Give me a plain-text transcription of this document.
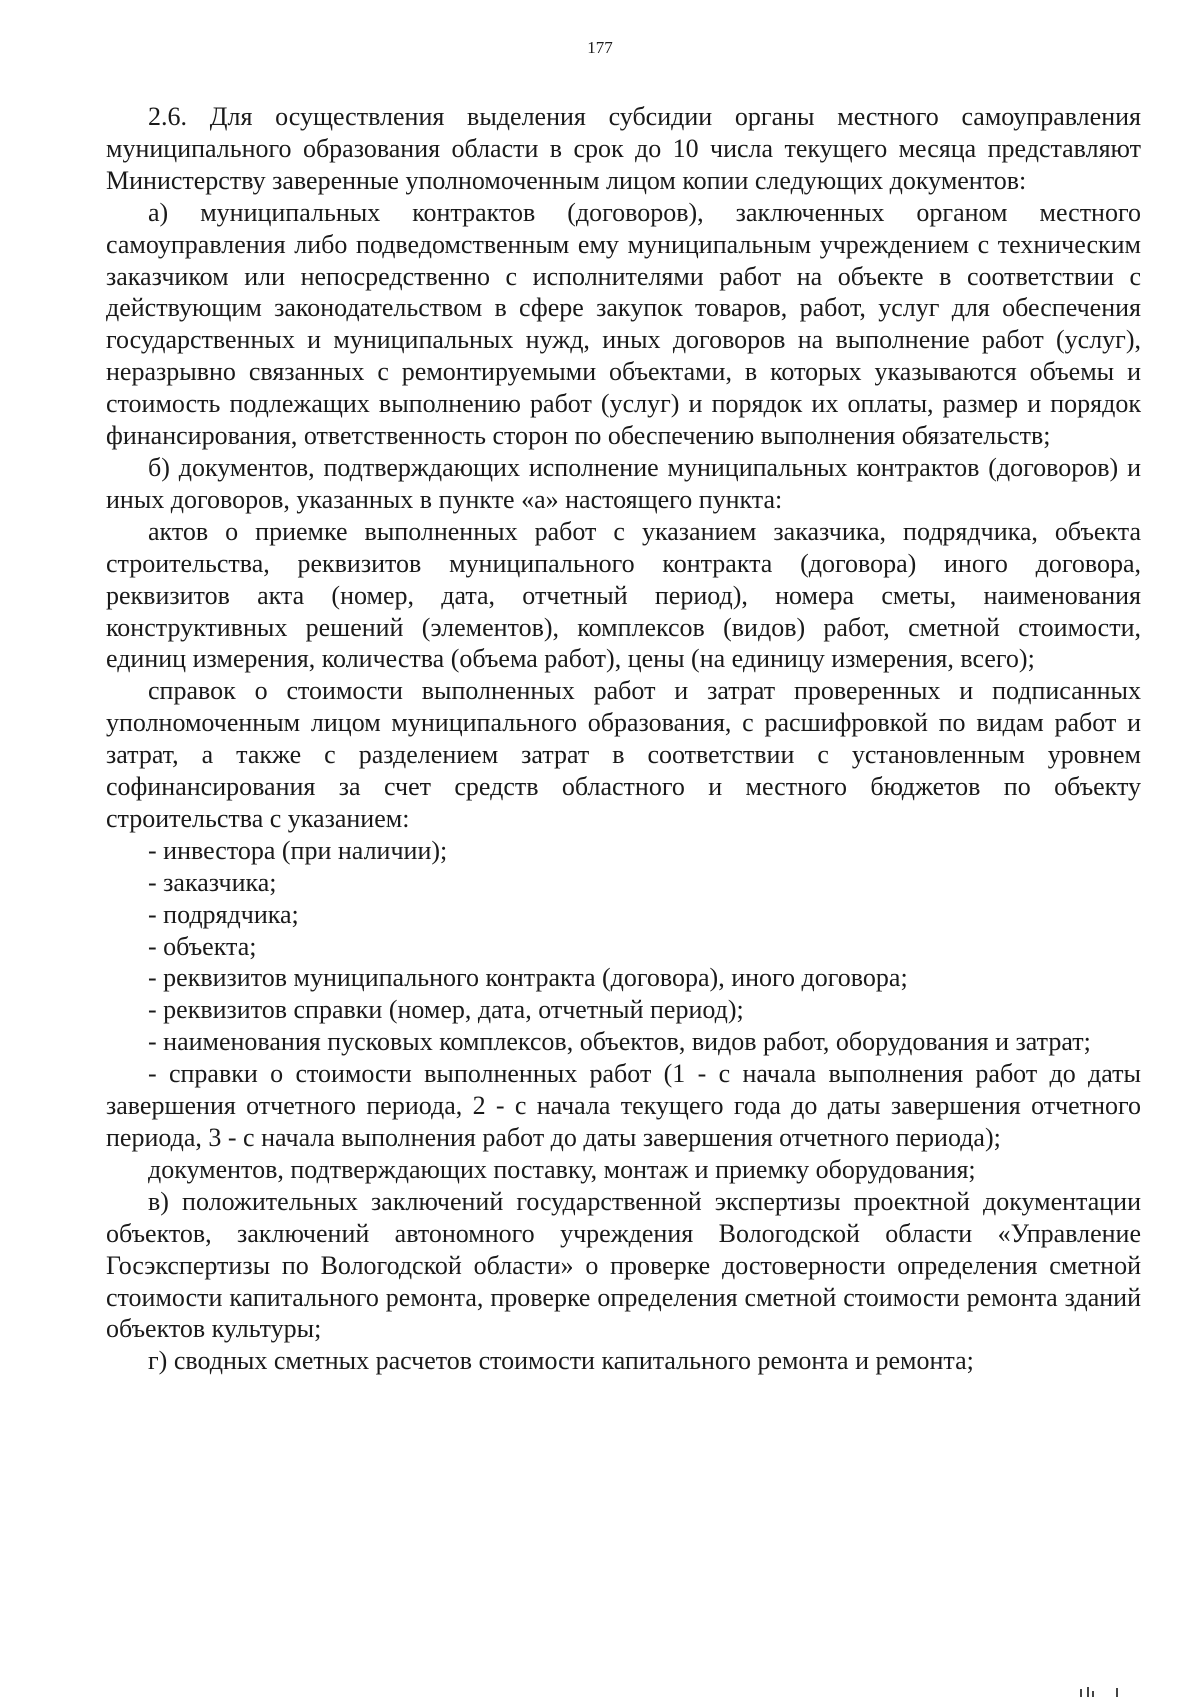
177

2.6. Для осуществления выделения субсидии органы местного самоуправления муниципального образования области в срок до 10 числа текущего месяца представляют Министерству заверенные уполномоченным лицом копии следующих документов:

а) муниципальных контрактов (договоров), заключенных органом местного самоуправления либо подведомственным ему муниципальным учреждением с техническим заказчиком или непосредственно с исполнителями работ на объекте в соответствии с действующим законодательством в сфере закупок товаров, работ, услуг для обеспечения государственных и муниципальных нужд, иных договоров на выполнение работ (услуг), неразрывно связанных с ремонтируемыми объектами, в которых указываются объемы и стоимость подлежащих выполнению работ (услуг) и порядок их оплаты, размер и порядок финансирования, ответственность сторон по обеспечению выполнения обязательств;

б) документов, подтверждающих исполнение муниципальных контрактов (договоров) и иных договоров, указанных в пункте «а» настоящего пункта:

актов о приемке выполненных работ с указанием заказчика, подрядчика, объекта строительства, реквизитов муниципального контракта (договора) иного договора, реквизитов акта (номер, дата, отчетный период), номера сметы, наименования конструктивных решений (элементов), комплексов (видов) работ, сметной стоимости, единиц измерения, количества (объема работ), цены (на единицу измерения, всего);

справок о стоимости выполненных работ и затрат проверенных и подписанных уполномоченным лицом муниципального образования, с расшифровкой по видам работ и затрат, а также с разделением затрат в соответствии с установленным уровнем софинансирования за счет средств областного и местного бюджетов по объекту строительства с указанием:

- инвестора (при наличии);

- заказчика;

- подрядчика;

- объекта;

- реквизитов муниципального контракта (договора), иного договора;

- реквизитов справки (номер, дата, отчетный период);

- наименования пусковых комплексов, объектов, видов работ, оборудования и затрат;

- справки о стоимости выполненных работ (1 - с начала выполнения работ до даты завершения отчетного периода, 2 - с начала текущего года до даты завершения отчетного периода, 3 - с начала выполнения работ до даты завершения отчетного периода);

документов, подтверждающих поставку, монтаж и приемку оборудования;

в) положительных заключений государственной экспертизы проектной документации объектов, заключений автономного учреждения Вологодской области «Управление Госэкспертизы по Вологодской области» о проверке достоверности определения сметной стоимости капитального ремонта, проверке определения сметной стоимости ремонта зданий объектов культуры;

г) сводных сметных расчетов стоимости капитального ремонта и ремонта;
